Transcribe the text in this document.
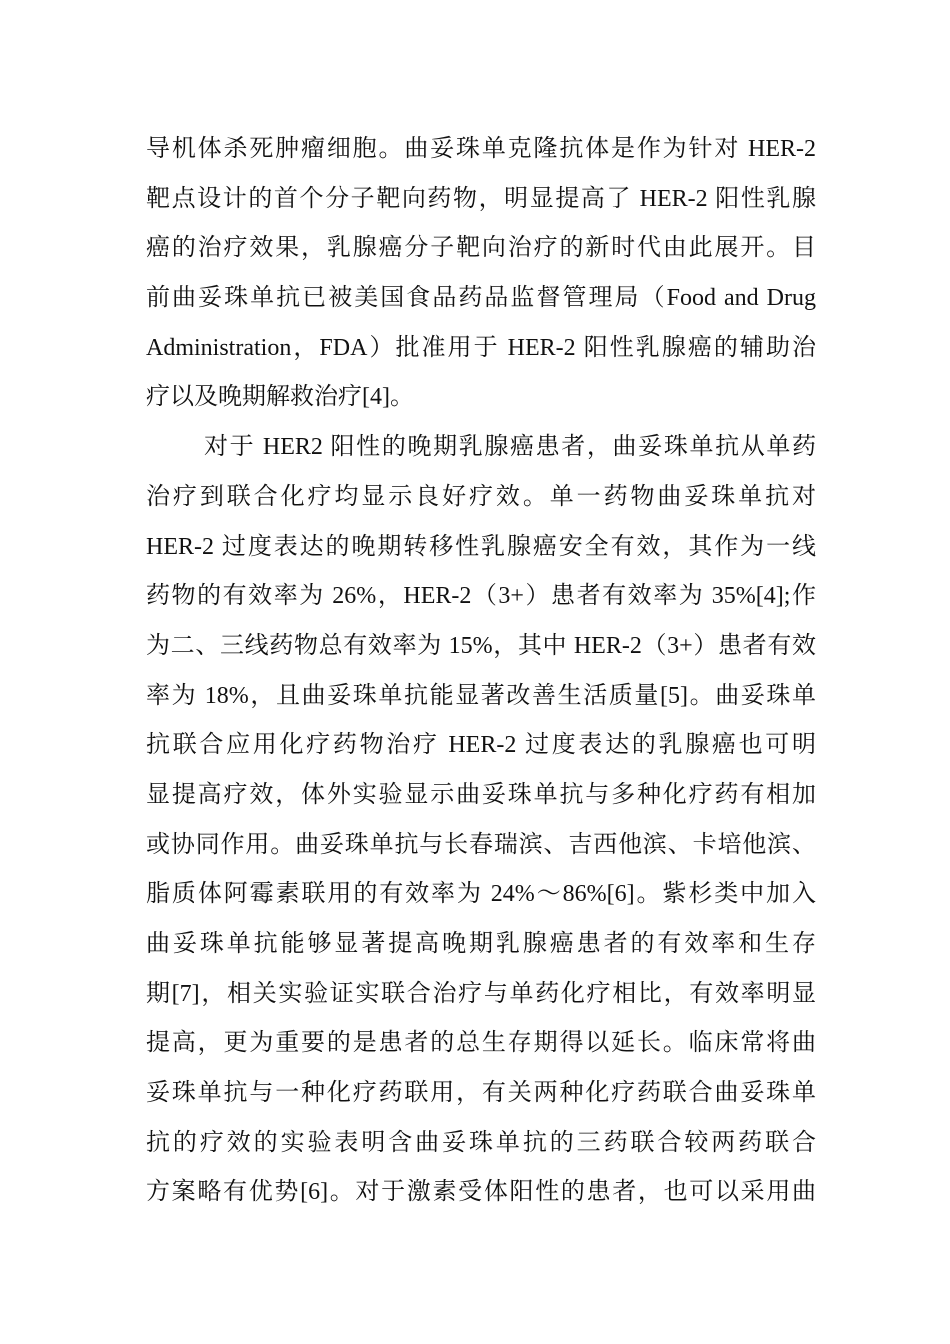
导机体杀死肿瘤细胞。曲妥珠单克隆抗体是作为针对 HER-2
靶点设计的首个分子靶向药物，明显提高了 HER-2 阳性乳腺
癌的治疗效果，乳腺癌分子靶向治疗的新时代由此展开。目
前曲妥珠单抗已被美国食品药品监督管理局（Food and Drug
Administration，FDA）批准用于 HER-2 阳性乳腺癌的辅助治
疗以及晚期解救治疗[4]。
对于 HER2 阳性的晚期乳腺癌患者，曲妥珠单抗从单药
治疗到联合化疗均显示良好疗效。单一药物曲妥珠单抗对
HER-2 过度表达的晚期转移性乳腺癌安全有效，其作为一线
药物的有效率为 26%，HER-2（3+）患者有效率为 35%[4];作
为二、三线药物总有效率为 15%，其中 HER-2（3+）患者有效
率为 18%，且曲妥珠单抗能显著改善生活质量[5]。曲妥珠单
抗联合应用化疗药物治疗 HER-2 过度表达的乳腺癌也可明
显提高疗效，体外实验显示曲妥珠单抗与多种化疗药有相加
或协同作用。曲妥珠单抗与长春瑞滨、吉西他滨、卡培他滨、
脂质体阿霉素联用的有效率为 24%～86%[6]。紫杉类中加入
曲妥珠单抗能够显著提高晚期乳腺癌患者的有效率和生存
期[7]，相关实验证实联合治疗与单药化疗相比，有效率明显
提高，更为重要的是患者的总生存期得以延长。临床常将曲
妥珠单抗与一种化疗药联用，有关两种化疗药联合曲妥珠单
抗的疗效的实验表明含曲妥珠单抗的三药联合较两药联合
方案略有优势[6]。对于激素受体阳性的患者，也可以采用曲
